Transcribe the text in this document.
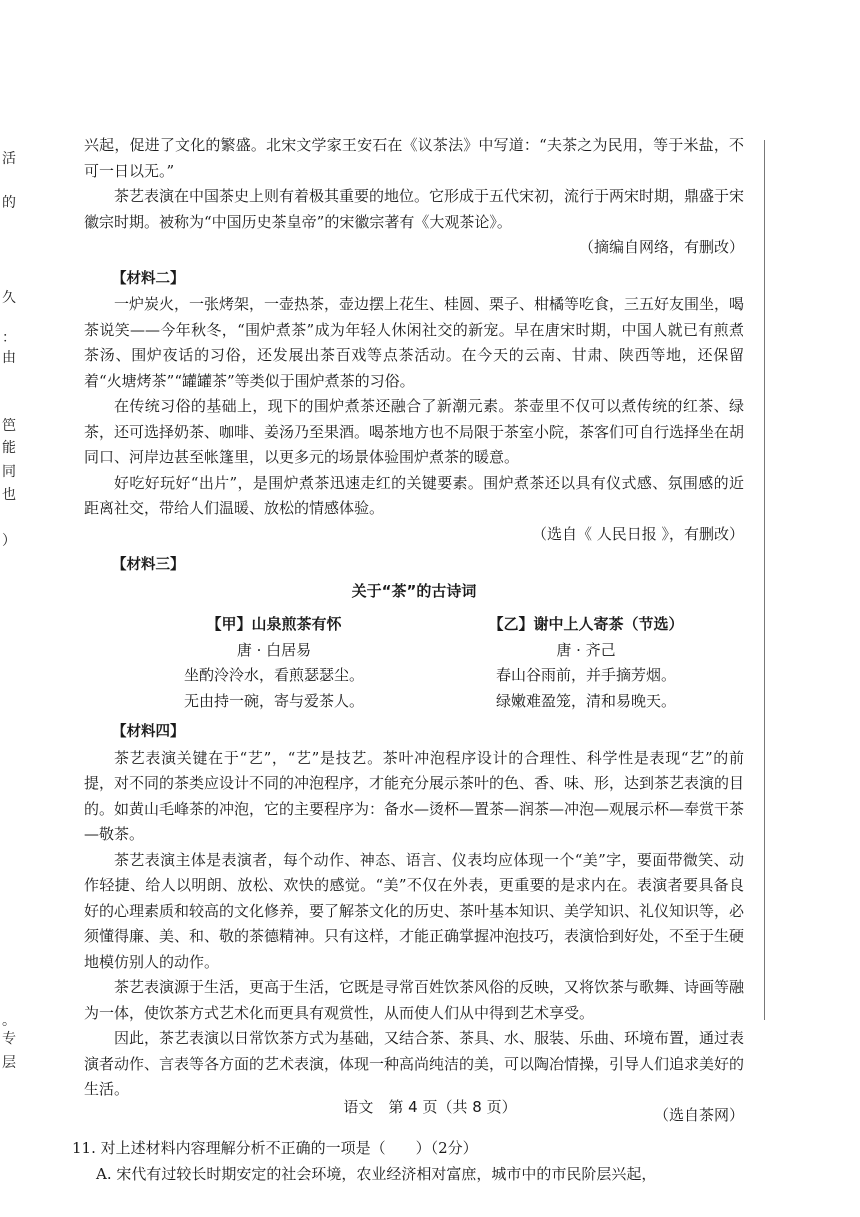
活
的
久
：由
笆
能
同
也
）
。
专
层

兴起，促进了文化的繁盛。北宋文学家王安石在《议茶法》中写道：“夫茶之为民用，等于米盐，不可一日以无。”

茶艺表演在中国茶史上则有着极其重要的地位。它形成于五代宋初，流行于两宋时期，鼎盛于宋徽宗时期。被称为“中国历史茶皇帝”的宋徽宗著有《大观茶论》。

（摘编自网络，有删改）

【材料二】

一炉炭火，一张烤架，一壶热茶，壶边摆上花生、桂圆、栗子、柑橘等吃食，三五好友围坐，喝茶说笑——今年秋冬，“围炉煮茶”成为年轻人休闲社交的新宠。早在唐宋时期，中国人就已有煎煮茶汤、围炉夜话的习俗，还发展出茶百戏等点茶活动。在今天的云南、甘肃、陕西等地，还保留着“火塘烤茶”“罐罐茶”等类似于围炉煮茶的习俗。

在传统习俗的基础上，现下的围炉煮茶还融合了新潮元素。茶壶里不仅可以煮传统的红茶、绿茶，还可选择奶茶、咖啡、姜汤乃至果酒。喝茶地方也不局限于茶室小院，茶客们可自行选择坐在胡同口、河岸边甚至帐篷里，以更多元的场景体验围炉煮茶的暖意。

好吃好玩好“出片”，是围炉煮茶迅速走红的关键要素。围炉煮茶还以具有仪式感、氛围感的近距离社交，带给人们温暖、放松的情感体验。

（选自《 人民日报 》，有删改）

【材料三】
关于“茶”的古诗词
【甲】山泉煎茶有怀

唐 · 白居易

坐酌泠泠水，看煎瑟瑟尘。

无由持一碗，寄与爱茶人。

【乙】谢中上人寄茶（节选）

唐 · 齐己

春山谷雨前，并手摘芳烟。

绿嫩难盈笼，清和易晚天。

【材料四】

茶艺表演关键在于“艺”，“艺”是技艺。茶叶冲泡程序设计的合理性、科学性是表现“艺”的前提，对不同的茶类应设计不同的冲泡程序，才能充分展示茶叶的色、香、味、形，达到茶艺表演的目的。如黄山毛峰茶的冲泡，它的主要程序为：备水—烫杯—置茶—润茶—冲泡—观展示杯—奉赏干茶—敬茶。

茶艺表演主体是表演者，每个动作、神态、语言、仪表均应体现一个“美”字，要面带微笑、动作轻捷、给人以明朗、放松、欢快的感觉。“美”不仅在外表，更重要的是求内在。表演者要具备良好的心理素质和较高的文化修养，要了解茶文化的历史、茶叶基本知识、美学知识、礼仪知识等，必须懂得廉、美、和、敬的茶德精神。只有这样，才能正确掌握冲泡技巧，表演恰到好处，不至于生硬地模仿别人的动作。

茶艺表演源于生活，更高于生活，它既是寻常百姓饮茶风俗的反映，又将饮茶与歌舞、诗画等融为一体，使饮茶方式艺术化而更具有观赏性，从而使人们从中得到艺术享受。

因此，茶艺表演以日常饮茶方式为基础，又结合茶、茶具、水、服装、乐曲、环境布置，通过表演者动作、言表等各方面的艺术表演，体现一种高尚纯洁的美，可以陶冶情操，引导人们追求美好的生活。

（选自茶网）

11. 对上述材料内容理解分析不正确的一项是（　　）（2分）

A. 宋代有过较长时期安定的社会环境，农业经济相对富庶，城市中的市民阶层兴起，

语文　第 4 页（共 8 页）
